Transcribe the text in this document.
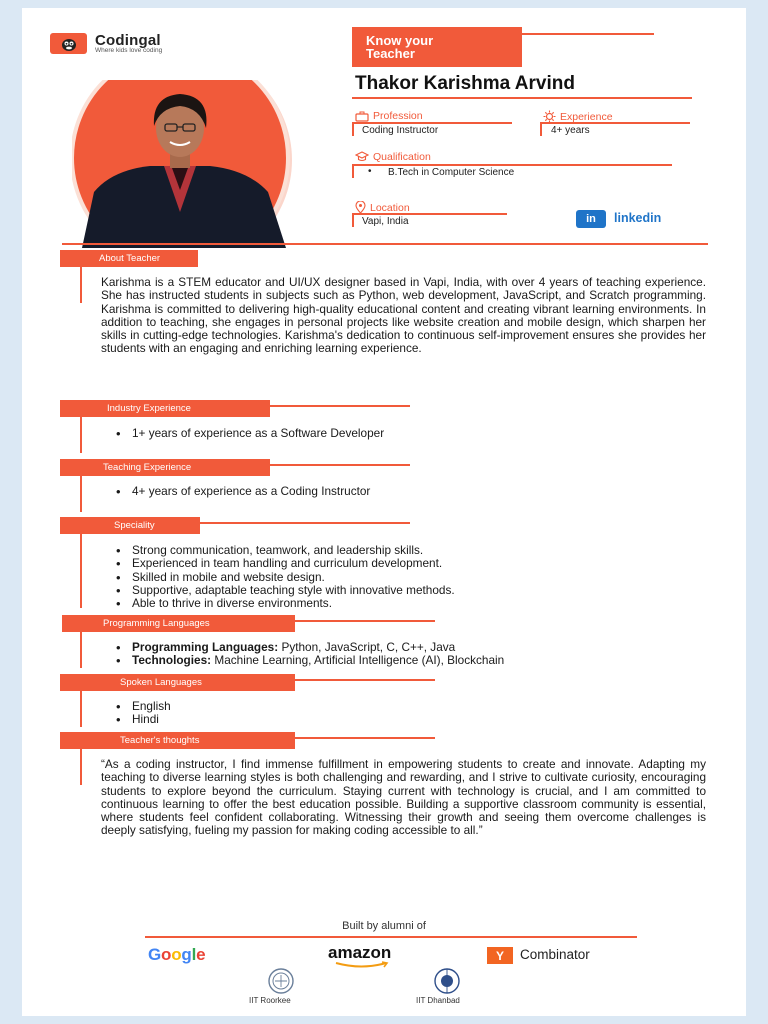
Codingal
Where kids love coding
Know your Teacher
Thakor Karishma Arvind
Profession
Coding Instructor
Experience
4+ years
Qualification
• B.Tech in Computer Science
Location
Vapi, India	in	linkedin
About Teacher
Karishma is a STEM educator and UI/UX designer based in Vapi, India, with over 4 years of teaching experience. She has instructed students in subjects such as Python, web development, JavaScript, and Scratch programming. Karishma is committed to delivering high-quality educational content and creating vibrant learning environments. In addition to teaching, she engages in personal projects like website creation and mobile design, which sharpen her skills in cutting-edge technologies. Karishma's dedication to continuous self-improvement ensures she provides her students with an engaging and enriching learning experience.
Industry Experience
• 1+ years of experience as a Software Developer
Teaching Experience
• 4+ years of experience as a Coding Instructor
Speciality
• Strong communication, teamwork, and leadership skills.
• Experienced in team handling and curriculum development.
• Skilled in mobile and website design.
• Supportive, adaptable teaching style with innovative methods.
• Able to thrive in diverse environments.
Programming Languages
• Programming Languages: Python, JavaScript, C, C++, Java
• Technologies: Machine Learning, Artificial Intelligence (AI), Blockchain
Spoken Languages
• English
• Hindi
Teacher's thoughts
“As a coding instructor, I find immense fulfillment in empowering students to create and innovate. Adapting my teaching to diverse learning styles is both challenging and rewarding, and I strive to cultivate curiosity, encouraging students to explore beyond the curriculum. Staying current with technology is crucial, and I am committed to continuous learning to offer the best education possible. Building a supportive classroom community is essential, where students feel confident collaborating. Witnessing their growth and seeing them overcome challenges is deeply satisfying, fueling my passion for making coding accessible to all.”
Built by alumni of
Google	amazon	Y	Combinator
IIT Roorkee	IIT Dhanbad
